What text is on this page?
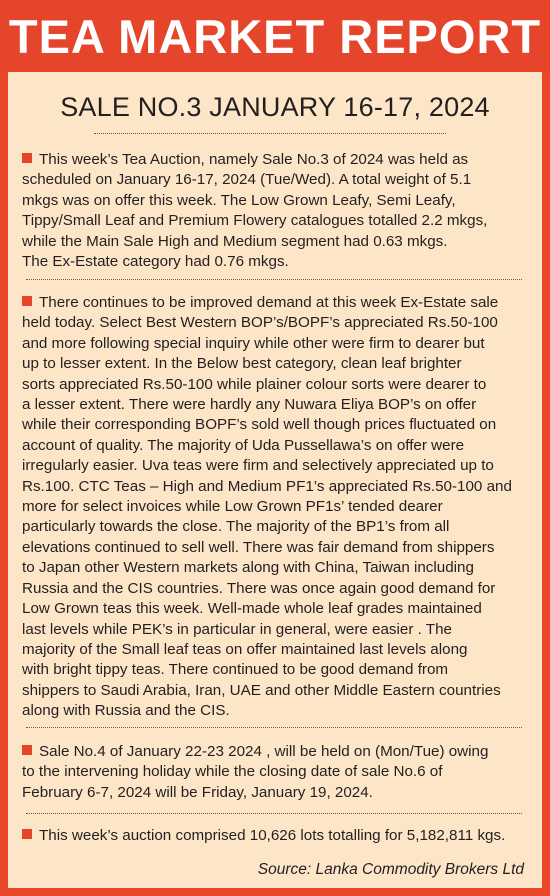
TEA MARKET REPORT
SALE NO.3 JANUARY 16-17, 2024
This week’s Tea Auction, namely Sale No.3 of 2024 was held as
scheduled on January 16-17, 2024 (Tue/Wed). A total weight of 5.1
mkgs was on offer this week. The Low Grown Leafy, Semi Leafy,
Tippy/Small Leaf and Premium Flowery catalogues totalled 2.2 mkgs,
while the Main Sale High and Medium segment had 0.63 mkgs.
The Ex-Estate category had 0.76 mkgs.
There continues to be improved demand at this week Ex-Estate sale
held today. Select Best Western BOP’s/BOPF’s appreciated Rs.50-100
and more following special inquiry while other were firm to dearer but
up to lesser extent. In the Below best category, clean leaf brighter
sorts appreciated Rs.50-100 while plainer colour sorts were dearer to
a lesser extent. There were hardly any Nuwara Eliya BOP’s on offer
while their corresponding BOPF’s sold well though prices fluctuated on
account of quality. The majority of Uda Pussellawa’s on offer were
irregularly easier. Uva teas were firm and selectively appreciated up to
Rs.100. CTC Teas – High and Medium PF1’s appreciated Rs.50-100 and
more for select invoices while Low Grown PF1s’ tended dearer
particularly towards the close. The majority of the BP1’s from all
elevations continued to sell well. There was fair demand from shippers
to Japan other Western markets along with China, Taiwan including
Russia and the CIS countries. There was once again good demand for
Low Grown teas this week. Well-made whole leaf grades maintained
last levels while PEK’s in particular in general, were easier . The
majority of the Small leaf teas on offer maintained last levels along
with bright tippy teas. There continued to be good demand from
shippers to Saudi Arabia, Iran, UAE and other Middle Eastern countries
along with Russia and the CIS.
Sale No.4 of January 22-23 2024 , will be held on (Mon/Tue) owing
to the intervening holiday while the closing date of sale No.6 of
February 6-7, 2024 will be Friday, January 19, 2024.
This week’s auction comprised 10,626 lots totalling for 5,182,811 kgs.
Source: Lanka Commodity Brokers Ltd
